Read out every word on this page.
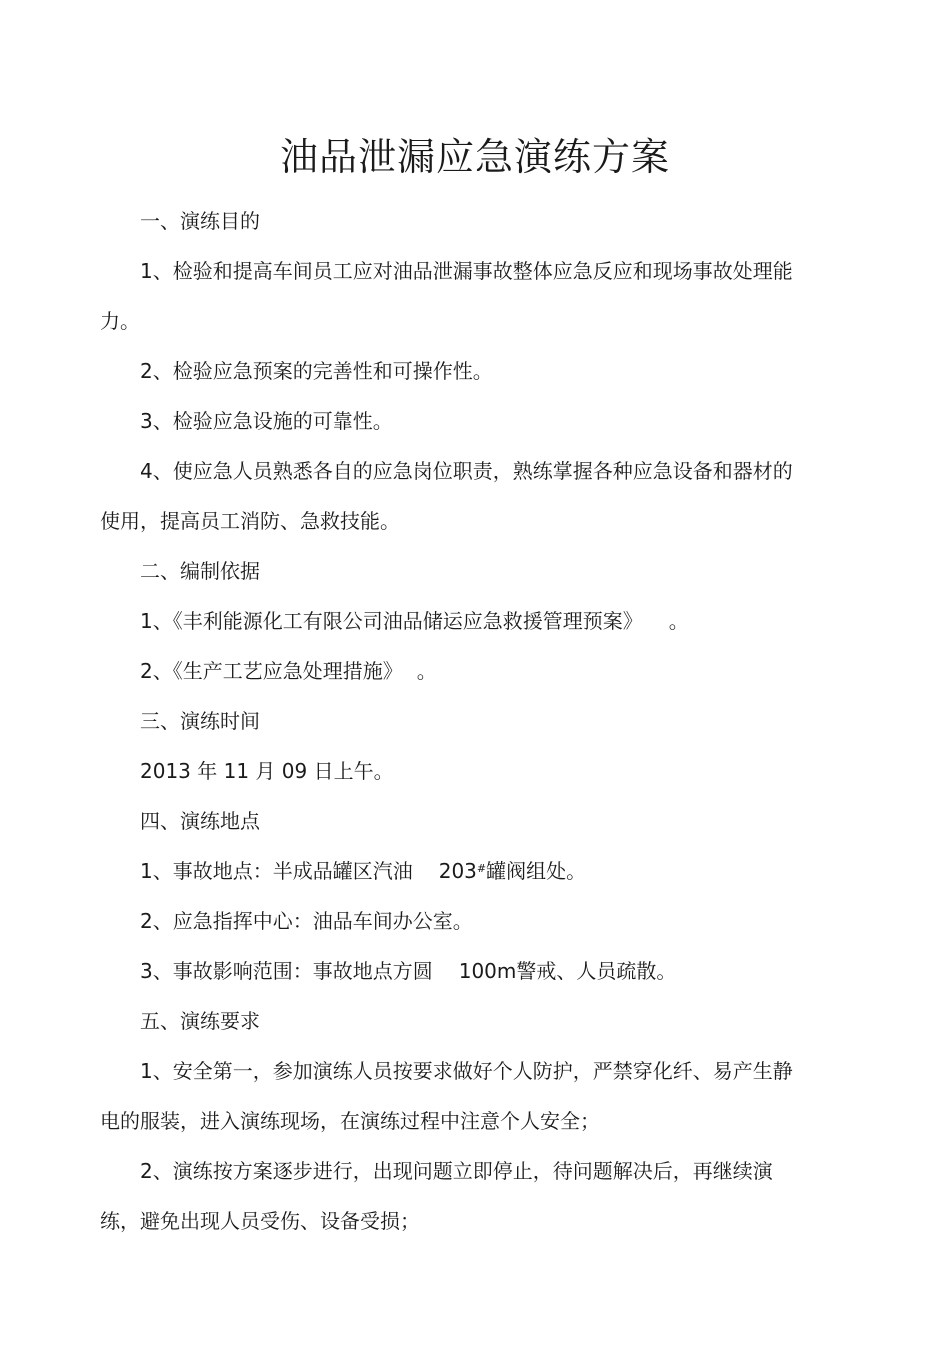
油品泄漏应急演练方案

一、演练目的

1、检验和提高车间员工应对油品泄漏事故整体应急反应和现场事故处理能力。

2、检验应急预案的完善性和可操作性。

3、检验应急设施的可靠性。

4、使应急人员熟悉各自的应急岗位职责，熟练掌握各种应急设备和器材的使用，提高员工消防、急救技能。

二、编制依据

1、《丰利能源化工有限公司油品储运应急救援管理预案》 。

2、《生产工艺应急处理措施》 。

三、演练时间

2013 年 11 月 09 日上午。

四、演练地点

1、事故地点：半成品罐区汽油 203#罐阀组处。

2、应急指挥中心：油品车间办公室。

3、事故影响范围：事故地点方圆 100m警戒、人员疏散。

五、演练要求

1、安全第一，参加演练人员按要求做好个人防护，严禁穿化纤、易产生静电的服装，进入演练现场，在演练过程中注意个人安全；

2、演练按方案逐步进行，出现问题立即停止，待问题解决后，再继续演练，避免出现人员受伤、设备受损；
